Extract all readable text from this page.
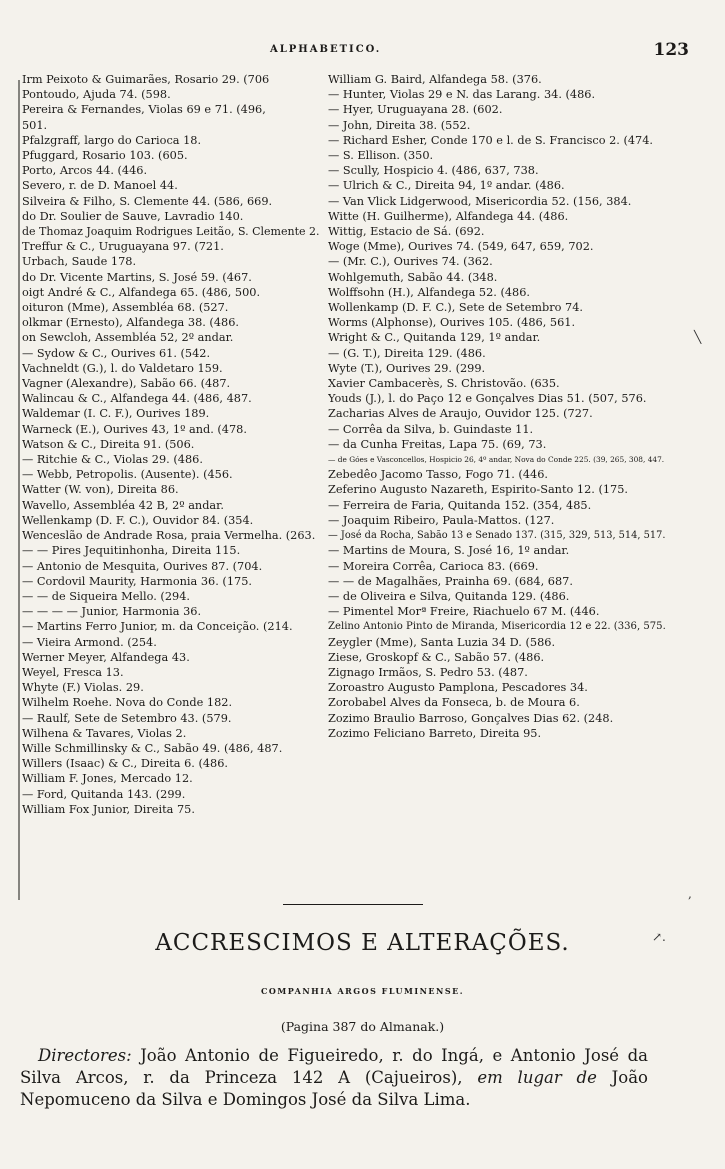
ALPHABETICO.	123
Irm Peixoto & Guimarães, Rosario 29. (706
Pontoudo, Ajuda 74. (598.
Pereira & Fernandes, Violas 69 e 71. (496,
501.
Pfalzgraff, largo do Carioca 18.
Pfuggard, Rosario 103. (605.
Porto, Arcos 44. (446.
Severo, r. de D. Manoel 44.
Silveira & Filho, S. Clemente 44. (586, 669.
do Dr. Soulier de Sauve, Lavradio 140.
de Thomaz Joaquim Rodrigues Leitão, S. Clemente 2.
Treffur & C., Uruguayana 97. (721.
Urbach, Saude 178.
do Dr. Vicente Martins, S. José 59. (467.
oigt André & C., Alfandega 65. (486, 500.
oituron (Mme), Assembléa 68. (527.
olkmar (Ernesto), Alfandega 38. (486.
on Sewcloh, Assembléa 52, 2º andar.
— Sydow & C., Ourives 61. (542.
Vachneldt (G.), l. do Valdetaro 159.
Vagner (Alexandre), Sabão 66. (487.
Walincau & C., Alfandega 44. (486, 487.
Waldemar (I. C. F.), Ourives 189.
Warneck (E.), Ourives 43, 1º and. (478.
Watson & C., Direita 91. (506.
— Ritchie & C., Violas 29. (486.
— Webb, Petropolis. (Ausente). (456.
Watter (W. von), Direita 86.
Wavello, Assembléa 42 B, 2º andar.
Wellenkamp (D. F. C.), Ouvidor 84. (354.
Wenceslão de Andrade Rosa, praia Vermelha. (263.
— — Pires Jequitinhonha, Direita 115.
— Antonio de Mesquita, Ourives 87. (704.
— Cordovil Maurity, Harmonia 36. (175.
— — de Siqueira Mello. (294.
— — — — Junior, Harmonia 36.
— Martins Ferro Junior, m. da Conceição. (214.
— Vieira Armond. (254.
Werner Meyer, Alfandega 43.
Weyel, Fresca 13.
Whyte (F.) Violas. 29.
Wilhelm Roehe. Nova do Conde 182.
— Raulf, Sete de Setembro 43. (579.
Wilhena & Tavares, Violas 2.
Wille Schmillinsky & C., Sabão 49. (486, 487.
Willers (Isaac) & C., Direita 6. (486.
William F. Jones, Mercado 12.
— Ford, Quitanda 143. (299.
William Fox Junior, Direita 75.
William G. Baird, Alfandega 58. (376.
— Hunter, Violas 29 e N. das Larang. 34. (486.
— Hyer, Uruguayana 28. (602.
— John, Direita 38. (552.
— Richard Esher, Conde 170 e l. de S. Francisco 2. (474.
— S. Ellison. (350.
— Scully, Hospicio 4. (486, 637, 738.
— Ulrich & C., Direita 94, 1º andar. (486.
— Van Vlick Lidgerwood, Misericordia 52. (156, 384.
Witte (H. Guilherme), Alfandega 44. (486.
Wittig, Estacio de Sá. (692.
Woge (Mme), Ourives 74. (549, 647, 659, 702.
— (Mr. C.), Ourives 74. (362.
Wohlgemuth, Sabão 44. (348.
Wolffsohn (H.), Alfandega 52. (486.
Wollenkamp (D. F. C.), Sete de Setembro 74.
Worms (Alphonse), Ourives 105. (486, 561.
Wright & C., Quitanda 129, 1º andar.
— (G. T.), Direita 129. (486.
Wyte (T.), Ourives 29. (299.
Xavier Cambacerès, S. Christovão. (635.
Youds (J.), l. do Paço 12 e Gonçalves Dias 51. (507, 576.
Zacharias Alves de Araujo, Ouvidor 125. (727.
— Corrêa da Silva, b. Guindaste 11.
— da Cunha Freitas, Lapa 75. (69, 73.
— de Góes e Vasconcellos, Hospicio 26, 4º andar, Nova do Conde 225. (39, 265, 308, 447.
Zebedêo Jacomo Tasso, Fogo 71. (446.
Zeferino Augusto Nazareth, Espirito-Santo 12. (175.
— Ferreira de Faria, Quitanda 152. (354, 485.
— Joaquim Ribeiro, Paula-Mattos. (127.
— José da Rocha, Sabão 13 e Senado 137. (315, 329, 513, 514, 517.
— Martins de Moura, S. José 16, 1º andar.
— Moreira Corrêa, Carioca 83. (669.
— — de Magalhães, Prainha 69. (684, 687.
— de Oliveira e Silva, Quitanda 129. (486.
— Pimentel Morª Freire, Riachuelo 67 M. (446.
Zelino Antonio Pinto de Miranda, Misericordia 12 e 22. (336, 575.
Zeygler (Mme), Santa Luzia 34 D. (586.
Ziese, Groskopf & C., Sabão 57. (486.
Zignago Irmãos, S. Pedro 53. (487.
Zoroastro Augusto Pamplona, Pescadores 34.
Zorobabel Alves da Fonseca, b. de Moura 6.
Zozimo Braulio Barroso, Gonçalves Dias 62. (248.
Zozimo Feliciano Barreto, Direita 95.
ACCRESCIMOS E ALTERAÇÕES.
COMPANHIA ARGOS FLUMINENSE.
(Pagina 387 do Almanak.)
Directores: João Antonio de Figueiredo, r. do Ingá, e Antonio José da Silva Arcos, r. da Princeza 142 A (Cajueiros), em lugar de João Nepomuceno da Silva e Domingos José da Silva Lima.
╲
,
↗.
